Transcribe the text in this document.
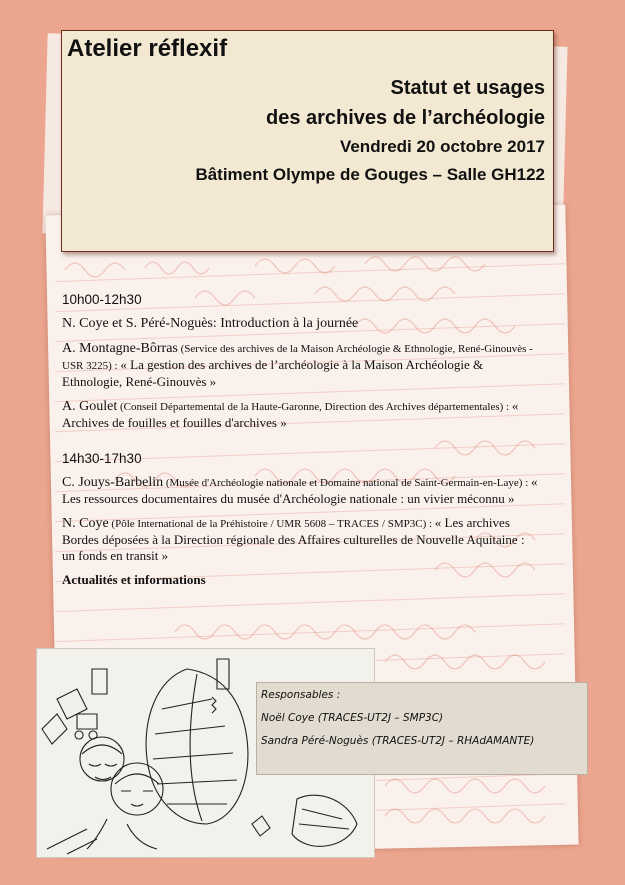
Atelier réflexif
Statut et usages
des archives de l’archéologie
Vendredi 20 octobre 2017
Bâtiment Olympe de Gouges – Salle GH122
10h00-12h30
N. Coye et S. Péré-Noguès: Introduction à la journée
A. Montagne-Bôrras (Service des archives de la Maison Archéologie & Ethnologie, René-Ginouvès - USR 3225) : « La gestion des archives de l’archéologie à la Maison Archéologie & Ethnologie, René-Ginouvès »
A. Goulet (Conseil Départemental de la Haute-Garonne, Direction des Archives départementales) : « Archives de fouilles et fouilles d'archives »
14h30-17h30
C. Jouys-Barbelin (Musée d'Archéologie nationale et Domaine national de Saint-Germain-en-Laye) : « Les ressources documentaires du musée d'Archéologie nationale : un vivier méconnu »
N. Coye (Pôle International de la Préhistoire / UMR 5608 – TRACES / SMP3C) : « Les archives Bordes déposées à la Direction régionale des Affaires culturelles de Nouvelle Aquitaine : un fonds en transit »
Actualités et informations
Responsables :
Noël Coye (TRACES-UT2J – SMP3C)
Sandra Péré-Noguès (TRACES-UT2J – RHAdAMANTE)
